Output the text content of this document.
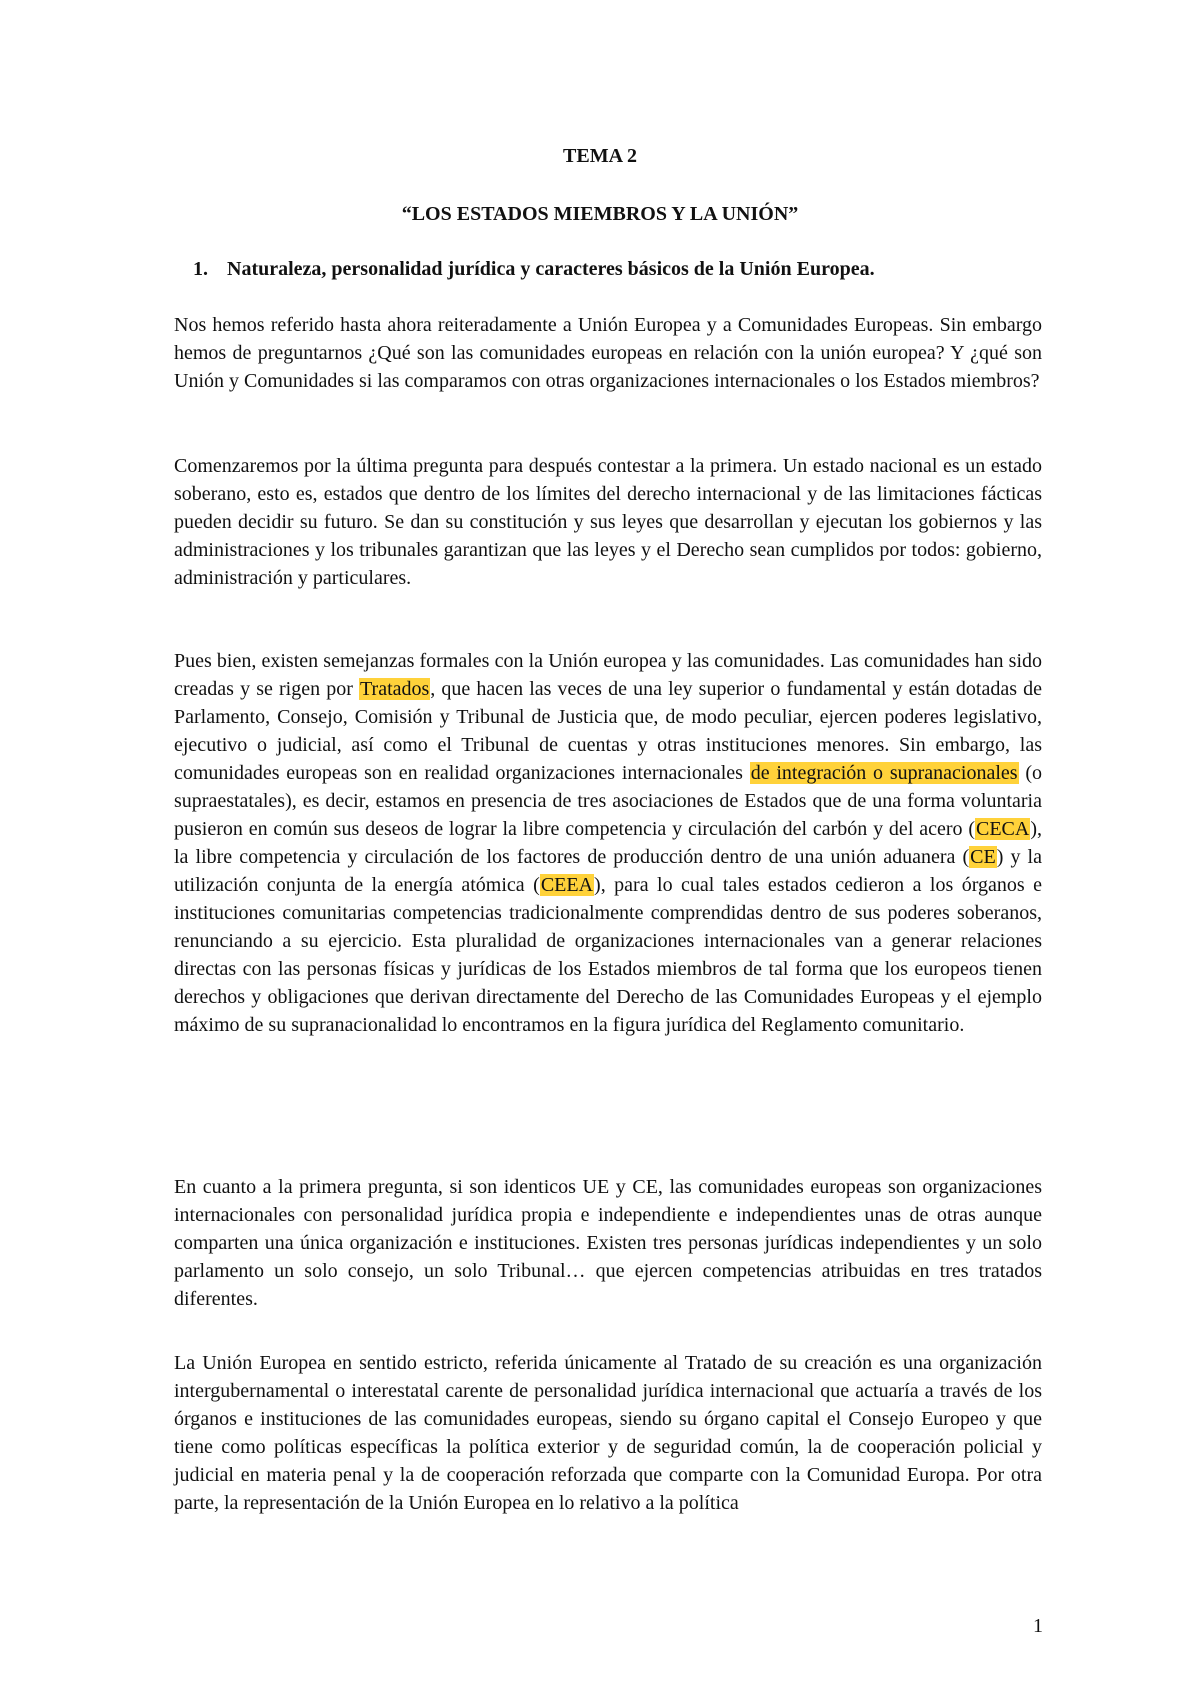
TEMA 2
“LOS ESTADOS MIEMBROS Y LA UNIÓN”
1. Naturaleza, personalidad jurídica y caracteres básicos de la Unión Europea.

Nos hemos referido hasta ahora reiteradamente a Unión Europea y a Comunidades Europeas. Sin embargo hemos de preguntarnos ¿Qué son las comunidades europeas en relación con la unión europea? Y ¿qué son Unión y Comunidades si las comparamos con otras organizaciones internacionales o los Estados miembros?

Comenzaremos por la última pregunta para después contestar a la primera. Un estado nacional es un estado soberano, esto es, estados que dentro de los límites del derecho internacional y de las limitaciones fácticas pueden decidir su futuro. Se dan su constitución y sus leyes que desarrollan y ejecutan los gobiernos y las administraciones y los tribunales garantizan que las leyes y el Derecho sean cumplidos por todos: gobierno, administración y particulares.

Pues bien, existen semejanzas formales con la Unión europea y las comunidades. Las comunidades han sido creadas y se rigen por Tratados, que hacen las veces de una ley superior o fundamental y están dotadas de Parlamento, Consejo, Comisión y Tribunal de Justicia que, de modo peculiar, ejercen poderes legislativo, ejecutivo o judicial, así como el Tribunal de cuentas y otras instituciones menores. Sin embargo, las comunidades europeas son en realidad organizaciones internacionales de integración o supranacionales (o supraestatales), es decir, estamos en presencia de tres asociaciones de Estados que de una forma voluntaria pusieron en común sus deseos de lograr la libre competencia y circulación del carbón y del acero (CECA), la libre competencia y circulación de los factores de producción dentro de una unión aduanera (CE) y la utilización conjunta de la energía atómica (CEEA), para lo cual tales estados cedieron a los órganos e instituciones comunitarias competencias tradicionalmente comprendidas dentro de sus poderes soberanos, renunciando a su ejercicio. Esta pluralidad de organizaciones internacionales van a generar relaciones directas con las personas físicas y jurídicas de los Estados miembros de tal forma que los europeos tienen derechos y obligaciones que derivan directamente del Derecho de las Comunidades Europeas y el ejemplo máximo de su supranacionalidad lo encontramos en la figura jurídica del Reglamento comunitario.

En cuanto a la primera pregunta, si son identicos UE y CE, las comunidades europeas son organizaciones internacionales con personalidad jurídica propia e independiente e independientes unas de otras aunque comparten una única organización e instituciones. Existen tres personas jurídicas independientes y un solo parlamento un solo consejo, un solo Tribunal… que ejercen competencias atribuidas en tres tratados diferentes.

La Unión Europea en sentido estricto, referida únicamente al Tratado de su creación es una organización intergubernamental o interestatal carente de personalidad jurídica internacional que actuaría a través de los órganos e instituciones de las comunidades europeas, siendo su órgano capital el Consejo Europeo y que tiene como políticas específicas la política exterior y de seguridad común, la de cooperación policial y judicial en materia penal y la de cooperación reforzada que comparte con la Comunidad Europa. Por otra parte, la representación de la Unión Europea en lo relativo a la política

1
